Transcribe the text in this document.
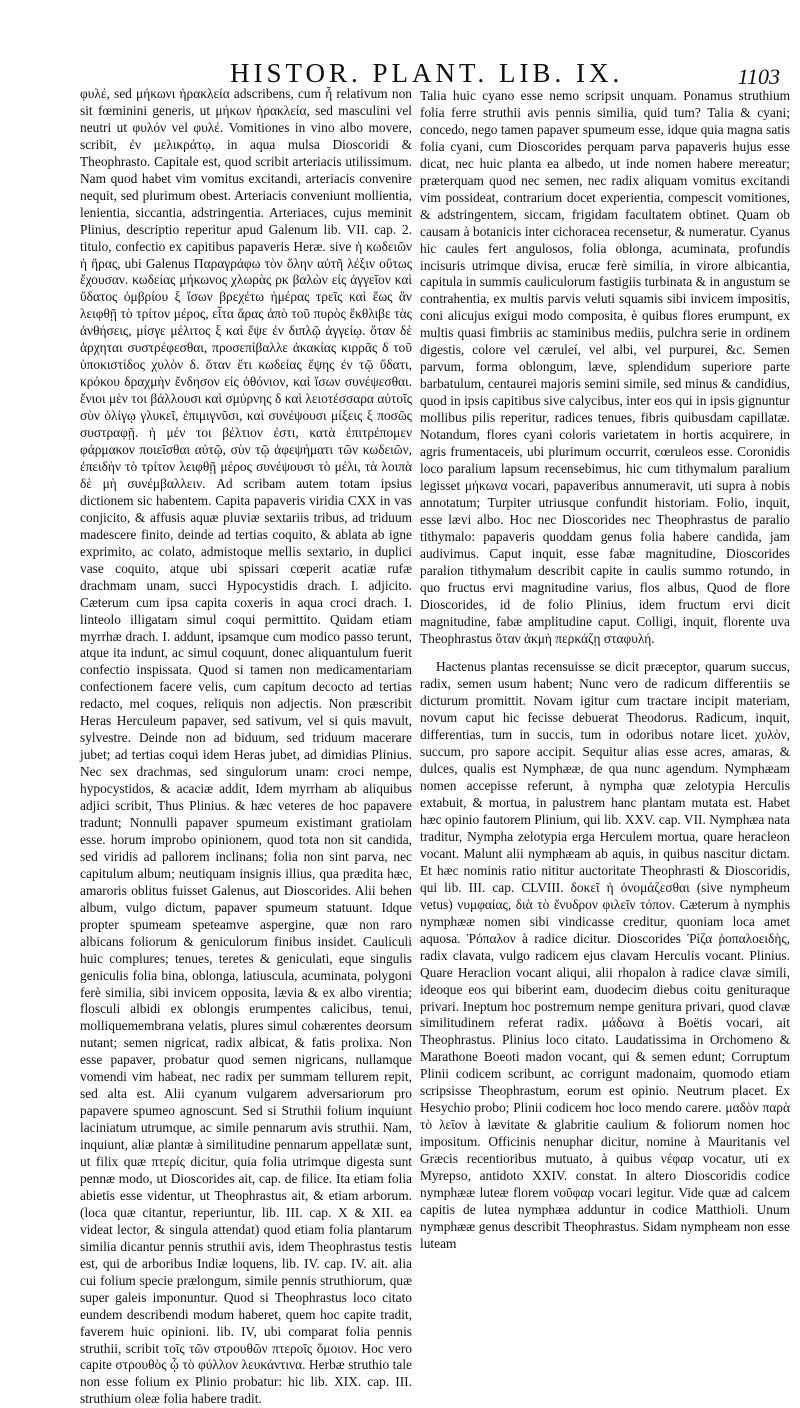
HISTOR. PLANT. LIB. IX.	1103

φυλέ, sed μήκωνι ἡρακλεία adscribens, cum ἧ relativum non sit fœminini generis, ut μήκων ἡρακλεία, sed masculini vel neutri ut φυλόν vel φυλέ. Vomitiones in vino albo movere, scribit, ἐν μελικράτῳ, in aqua mulsa Dioscoridi & Theophrasto. Capitale est, quod scribit arteriacis utilissimum. Nam quod habet vim vomitus excitandi, arteriacis convenire nequit, sed plurimum obest. Arteriacis conveniunt mollientia, lenientia, siccantia, adstringentia. Arteriaces, cujus meminit Plinius, descriptio reperitur apud Galenum lib. VII. cap. 2. titulo, confectio ex capitibus papaveris Heræ. sive ἡ κωδειῶν ἡ ἥρας, ubi Galenus Παραγράφω τὸν ὅλην αὐτῆ λέξιν οὕτως ἔχουσαν. κωδείας μήκωνος χλωρὰς ρκ βαλὼν εἰς ἀγγεῖον καὶ ὕδατος ὀμβρίου ξ ἴσων βρεχέτω ἡμέρας τρεῖς καὶ ἕως ἂν λειφθῇ τὸ τρίτον μέρος, εἶτα ἄρας ἀπὸ τοῦ πυρὸς ἔκθλιβε τὰς ἀνθήσεις, μίσγε μέλιτος ξ καὶ ἕψε ἐν διπλῷ ἀγγείῳ. ὅταν δὲ ἀρχηται συστρέφεσθαι, προσεπίβαλλε ἀκακίας κιρρᾶς δ τοῦ ὑποκιστίδος χυλὸν δ. ὅταν ἔτι κωδείας ἕψης ἐν τῷ ὕδατι, κρόκου δραχμὴν ἔνδησον εἰς ὀθόνιον, καὶ ἴσων συνέψεσθαι. ἔνιοι μὲν τοι βάλλουσι καὶ σμύρνης δ καὶ λειοτέσσαρα αὐτοῖς σὺν ὀλίγῳ γλυκεῖ, ἐπιμιγνῦσι, καὶ συνέψουσι μίξεις ξ ποσῶς συστραφῇ. ἡ μέν τοι βέλτιον ἐστι, κατὰ ἐπιτρέπομεν φάρμακον ποιεῖσθαι αὐτῷ, σὺν τῷ ἀφεψήματι τῶν κωδειῶν, ἐπειδὴν τὸ τρίτον λειφθῇ μέρος συνέψουσι τὸ μέλι, τὰ λοιπὰ δὲ μὴ συνέμβαλλειν. Ad scribam autem totam ipsius dictionem sic habentem. Capita papaveris viridia CXX in vas conjicito, & affusis aquæ pluviæ sextariis tribus, ad triduum madescere finito, deinde ad tertias coquito, & ablata ab igne exprimito, ac colato, admistoque mellis sextario, in duplici vase coquito, atque ubi spissari cœperit acatiæ rufæ drachmam unam, succi Hypocystidis drach. I. adjicito. Cæterum cum ipsa capita coxeris in aqua croci drach. I. linteolo illigatam simul coqui permittito. Quidam etiam myrrhæ drach. I. addunt, ipsamque cum modico passo terunt, atque ita indunt, ac simul coquunt, donec aliquantulum fuerit confectio inspissata. Quod si tamen non medicamentariam confectionem facere velis, cum capitum decocto ad tertias redacto, mel coques, reliquis non adjectis. Non præscribit Heras Herculeum papaver, sed sativum, vel si quis mavult, sylvestre. Deinde non ad biduum, sed triduum macerare jubet; ad tertias coqui idem Heras jubet, ad dimidias Plinius. Nec sex drachmas, sed singulorum unam: croci nempe, hypocystidos, & acaciæ addit, Idem myrrham ab aliquibus adjici scribit, Thus Plinius. & hæc veteres de hoc papavere tradunt; Nonnulli papaver spumeum existimant gratiolam esse. horum improbo opinionem, quod tota non sit candida, sed viridis ad pallorem inclinans; folia non sint parva, nec capitulum album; neutiquam insignis illius, qua prædita hæc, amaroris oblitus fuisset Galenus, aut Dioscorides. Alii behen album, vulgo dictum, papaver spumeum statuunt. Idque propter spumeam speteamve aspergine, quæ non raro albicans foliorum & geniculorum finibus insidet. Cauliculi huic complures; tenues, teretes & geniculati, eque singulis geniculis folia bina, oblonga, latiuscula, acuminata, polygoni ferè similia, sibi invicem opposita, lævia & ex albo virentia; flosculi albidi ex oblongis erumpentes calicibus, tenui, molliquemembrana velatis, plures simul cohærentes deorsum nutant; semen nigricat, radix albicat, & fatis prolixa. Non esse papaver, probatur quod semen nigricans, nullamque vomendi vim habeat, nec radix per summam tellurem repit, sed alta est. Alii cyanum vulgarem adversariorum pro papavere spumeo agnoscunt. Sed si Struthii folium inquiunt laciniatum utrumque, ac simile pennarum avis struthii. Nam, inquiunt, aliæ plantæ à similitudine pennarum appellatæ sunt, ut filix quæ πτερίς dicitur, quia folia utrimque digesta sunt pennæ modo, ut Dioscorides ait, cap. de filice. Ita etiam folia abietis esse videntur, ut Theophrastus ait, & etiam arborum. (loca quæ citantur, reperiuntur, lib. III. cap. X & XII. ea videat lector, & singula attendat) quod etiam folia plantarum similia dicantur pennis struthii avis, idem Theophrastus testis est, qui de arboribus Indiæ loquens, lib. IV. cap. IV. ait. alia cui folium specie prælongum, simile pennis struthiorum, quæ super galeis imponuntur. Quod si Theophrastus loco citato eundem describendi modum haberet, quem hoc capite tradit, faverem huic opinioni. lib. IV, ubi comparat folia pennis struthii, scribit τοῖς τῶν στρουθῶν πτεροῖς ὅμοιον. Hoc vero capite στρουθὸς ᾧ τὸ φύλλον λευκάντινα. Herbæ struthio tale non esse folium ex Plinio probatur: hic lib. XIX. cap. III. struthium oleæ folia habere tradit.

Talia huic cyano esse nemo scripsit unquam. Ponamus struthium folia ferre struthii avis pennis similia, quid tum? Talia & cyani; concedo, nego tamen papaver spumeum esse, idque quia magna satis folia cyani, cum Dioscorides perquam parva papaveris hujus esse dicat, nec huic planta ea albedo, ut inde nomen habere mereatur; præterquam quod nec semen, nec radix aliquam vomitus excitandi vim possideat, contrarium docet experientia, compescit vomitiones, & adstringentem, siccam, frigidam facultatem obtinet. Quam ob causam à botanicis inter cichoracea recensetur, & numeratur. Cyanus hic caules fert angulosos, folia oblonga, acuminata, profundis incisuris utrimque divisa, erucæ ferè similia, in virore albicantia, capitula in summis cauliculorum fastigiis turbinata & in angustum se contrahentia, ex multis parvis veluti squamis sibi invicem impositis, coni alicujus exigui modo composita, è quibus flores erumpunt, ex multis quasi fimbriis ac staminibus mediis, pulchra serie in ordinem digestis, colore vel cæruleí, vel albi, vel purpurei, &c. Semen parvum, forma oblongum, læve, splendidum superiore parte barbatulum, centaurei majoris semini simile, sed minus & candidius, quod in ipsis capitibus sive calycibus, inter eos qui in ipsis gignuntur mollibus pilis reperitur, radices tenues, fibris quibusdam capillatæ. Notandum, flores cyani coloris varietatem in hortis acquirere, in agris frumentaceis, ubi plurimum occurrit, cœruleos esse. Coronidis loco paralium lapsum recensebimus, hic cum tithymalum paralium legisset μήκωνα vocari, papaveribus annumeravit, uti supra à nobis annotatum; Turpiter utriusque confundit historiam. Folio, inquit, esse lævi albo. Hoc nec Dioscorides nec Theophrastus de paralio tithymalo: papaveris quoddam genus folia habere candida, jam audivimus. Caput inquit, esse fabæ magnitudine, Dioscorides paralion tithymalum describit capite in caulis summo rotundo, in quo fructus ervi magnitudine varius, flos albus, Quod de flore Dioscorides, id de folio Plinius, idem fructum ervi dicit magnitudine, fabæ amplitudine caput. Colligi, inquit, florente uva Theophrastus ὅταν ἀκμὴ περκάζῃ σταφυλή.

Hactenus plantas recensuisse se dicit præceptor, quarum succus, radix, semen usum habent; Nunc vero de radicum differentiis se dicturum promittit. Novam igitur cum tractare incipit materiam, novum caput hic fecisse debuerat Theodorus. Radicum, inquit, differentias, tum in succis, tum in odoribus notare licet. χυλὸν, succum, pro sapore accipit. Sequitur alias esse acres, amaras, & dulces, qualis est Nymphææ, de qua nunc agendum. Nymphæam nomen accepisse referunt, à nympha quæ zelotypia Herculis extabuit, & mortua, in palustrem hanc plantam mutata est. Habet hæc opinio fautorem Plinium, qui lib. XXV. cap. VII. Nymphæa nata traditur, Nympha zelotypia erga Herculem mortua, quare heracleon vocant. Malunt alii nymphæam ab aquis, in quibus nascitur dictam. Et hæc nominis ratio nititur auctoritate Theophrasti & Dioscoridis, qui lib. III. cap. CLVIII. δοκεῖ ἡ ὀνομάζεσθαι (sive nympheum vetus) νυμφαίας, διὰ τὸ ἔνυδρον φιλεῖν τόπον. Cæterum à nymphis nymphææ nomen sibi vindicasse creditur, quoniam loca amet aquosa. Ῥόπαλον à radice dicitur. Dioscorides Ῥίζα ῥοπαλοειδὴς, radix clavata, vulgo radicem ejus clavam Herculis vocant. Plinius. Quare Heraclion vocant aliqui, alii rhopalon à radice clavæ simili, ideoque eos qui biberint eam, duodecim diebus coitu genituraque privari. Ineptum hoc postremum nempe genitura privari, quod clavæ similitudinem referat radix. μάδωνα à Boëtis vocari, ait Theophrastus. Plinius loco citato. Laudatissima in Orchomeno & Marathone Boeoti madon vocant, qui & semen edunt; Corruptum Plinii codicem scribunt, ac corrigunt madonaim, quomodo etiam scripsisse Theophrastum, eorum est opinio. Neutrum placet. Ex Hesychio probo; Plinii codicem hoc loco mendo carere. μαδὸν παρὰ τὸ λεῖον à lævitate & glabritie caulium & foliorum nomen hoc impositum. Officinis nenuphar dicitur, nomine à Mauritanis vel Græcis recentioribus mutuato, à quibus νέφαρ vocatur, uti ex Myrepso, antidoto XXIV. constat. In altero Dioscoridis codice nymphææ luteæ florem νοῦφαρ vocari legitur. Vide quæ ad calcem capitis de lutea nymphæa adduntur in codice Matthioli. Unum nymphææ genus describit Theophrastus. Sidam nympheam non esse luteam
